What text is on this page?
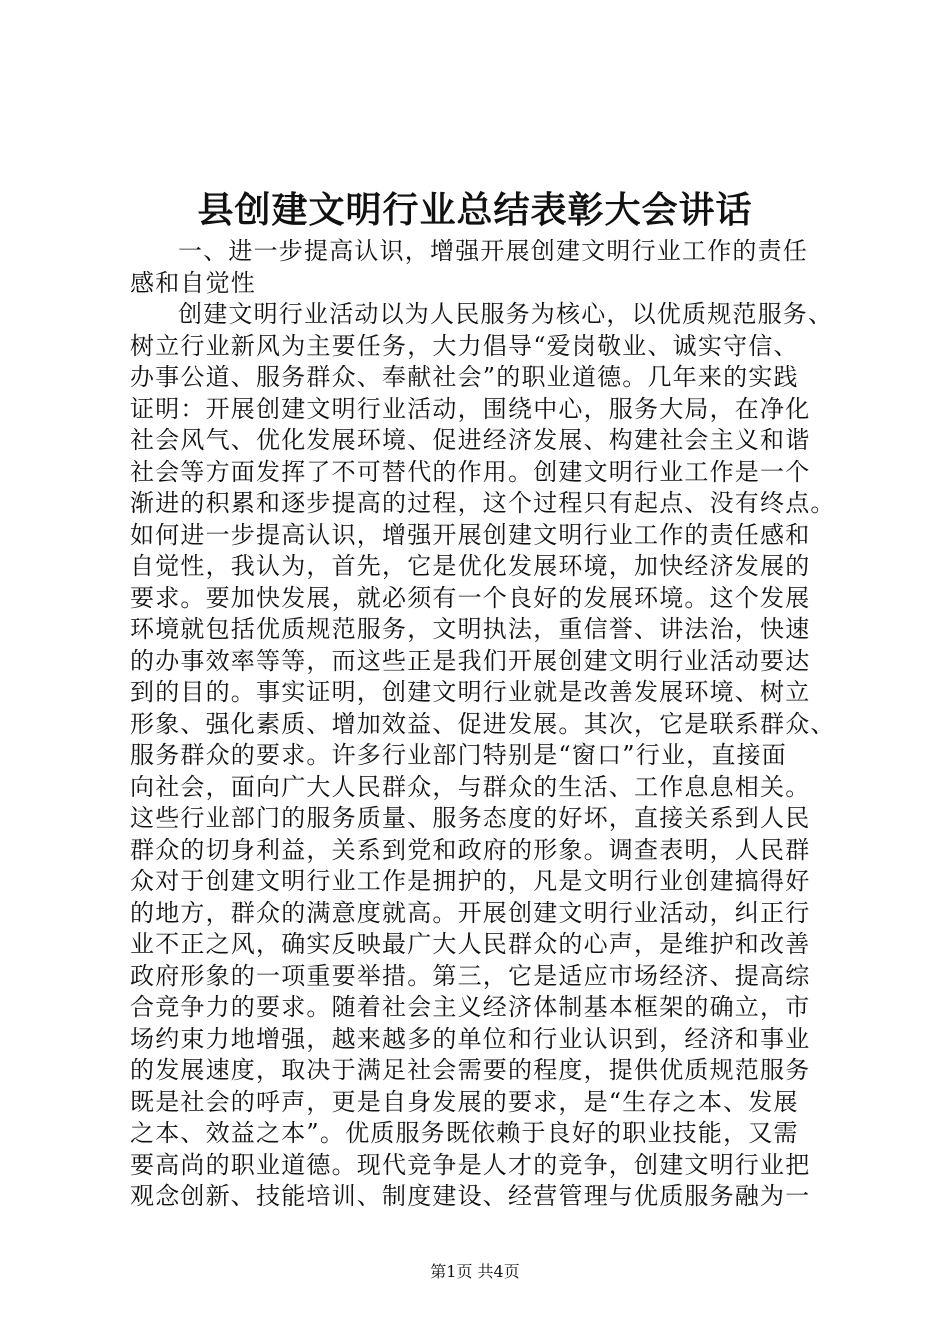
县创建文明行业总结表彰大会讲话
一、进一步提高认识，增强开展创建文明行业工作的责任
感和自觉性
创建文明行业活动以为人民服务为核心，以优质规范服务、
树立行业新风为主要任务，大力倡导“爱岗敬业、诚实守信、
办事公道、服务群众、奉献社会”的职业道德。几年来的实践
证明：开展创建文明行业活动，围绕中心，服务大局，在净化
社会风气、优化发展环境、促进经济发展、构建社会主义和谐
社会等方面发挥了不可替代的作用。创建文明行业工作是一个
渐进的积累和逐步提高的过程，这个过程只有起点、没有终点。
如何进一步提高认识，增强开展创建文明行业工作的责任感和
自觉性，我认为，首先，它是优化发展环境，加快经济发展的
要求。要加快发展，就必须有一个良好的发展环境。这个发展
环境就包括优质规范服务，文明执法，重信誉、讲法治，快速
的办事效率等等，而这些正是我们开展创建文明行业活动要达
到的目的。事实证明，创建文明行业就是改善发展环境、树立
形象、强化素质、增加效益、促进发展。其次，它是联系群众、
服务群众的要求。许多行业部门特别是“窗口”行业，直接面
向社会，面向广大人民群众，与群众的生活、工作息息相关。
这些行业部门的服务质量、服务态度的好坏，直接关系到人民
群众的切身利益，关系到党和政府的形象。调查表明，人民群
众对于创建文明行业工作是拥护的，凡是文明行业创建搞得好
的地方，群众的满意度就高。开展创建文明行业活动，纠正行
业不正之风，确实反映最广大人民群众的心声，是维护和改善
政府形象的一项重要举措。第三，它是适应市场经济、提高综
合竞争力的要求。随着社会主义经济体制基本框架的确立，市
场约束力地增强，越来越多的单位和行业认识到，经济和事业
的发展速度，取决于满足社会需要的程度，提供优质规范服务
既是社会的呼声，更是自身发展的要求，是“生存之本、发展
之本、效益之本”。优质服务既依赖于良好的职业技能，又需
要高尚的职业道德。现代竞争是人才的竞争，创建文明行业把
观念创新、技能培训、制度建设、经营管理与优质服务融为一
第1页 共4页
